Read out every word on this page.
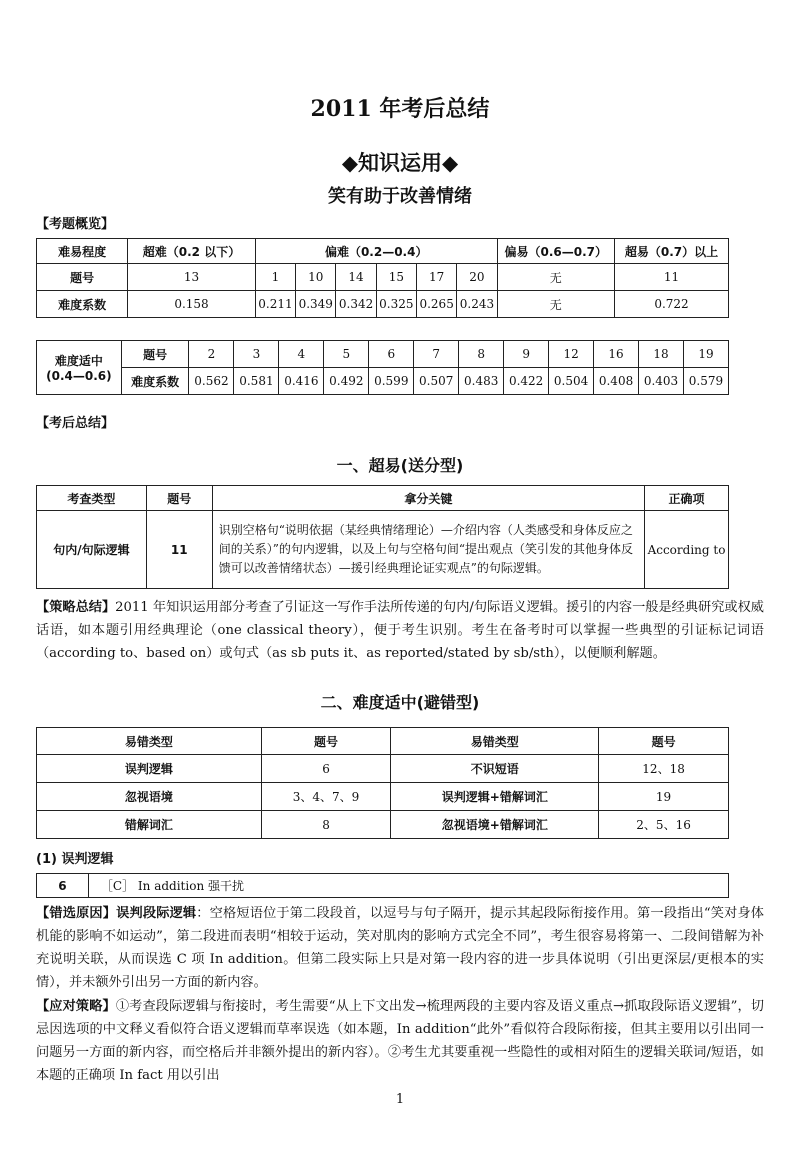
2011 年考后总结
◆知识运用◆
笑有助于改善情绪
【考题概览】
难易程度	超难（0.2 以下）	偏难（0.2—0.4）						偏易（0.6—0.7）	超易（0.7）以上
题号	13	1	10	14	15	17	20	无	11
难度系数	0.158	0.211	0.349	0.342	0.325	0.265	0.243	无	0.722
难度适中
(0.4—0.6)	题号	2	3	4	5	6	7	8	9	12	16	18	19
	难度系数	0.562	0.581	0.416	0.492	0.599	0.507	0.483	0.422	0.504	0.408	0.403	0.579
【考后总结】
一、超易(送分型)
考查类型	题号	拿分关键	正确项
句内/句际逻辑	11	识别空格句“说明依据（某经典情绪理论）—介绍内容（人类感受和身体反应之间的关系）”的句内逻辑，以及上句与空格句间“提出观点（笑引发的其他身体反馈可以改善情绪状态）—援引经典理论证实观点”的句际逻辑。	According to
【策略总结】2011 年知识运用部分考查了引证这一写作手法所传递的句内/句际语义逻辑。援引的内容一般是经典研究或权威话语，如本题引用经典理论（one classical theory），便于考生识别。考生在备考时可以掌握一些典型的引证标记词语（according to、based on）或句式（as sb puts it、as reported/stated by sb/sth），以便顺利解题。
二、难度适中(避错型)
易错类型	题号	易错类型	题号
误判逻辑	6	不识短语	12、18
忽视语境	3、4、7、9	误判逻辑+错解词汇	19
错解词汇	8	忽视语境+错解词汇	2、5、16
(1) 误判逻辑
6	［C］ In addition 强干扰
【错选原因】误判段际逻辑：空格短语位于第二段段首，以逗号与句子隔开，提示其起段际衔接作用。第一段指出“笑对身体机能的影响不如运动”，第二段进而表明“相较于运动，笑对肌肉的影响方式完全不同”，考生很容易将第一、二段间错解为补充说明关联，从而误选 C 项 In addition。但第二段实际上只是对第一段内容的进一步具体说明（引出更深层/更根本的实情），并未额外引出另一方面的新内容。
【应对策略】①考查段际逻辑与衔接时，考生需要“从上下文出发→梳理两段的主要内容及语义重点→抓取段际语义逻辑”，切忌因选项的中文释义看似符合语义逻辑而草率误选（如本题，In addition“此外”看似符合段际衔接，但其主要用以引出同一问题另一方面的新内容，而空格后并非额外提出的新内容）。②考生尤其要重视一些隐性的或相对陌生的逻辑关联词/短语，如本题的正确项 In fact 用以引出
1
